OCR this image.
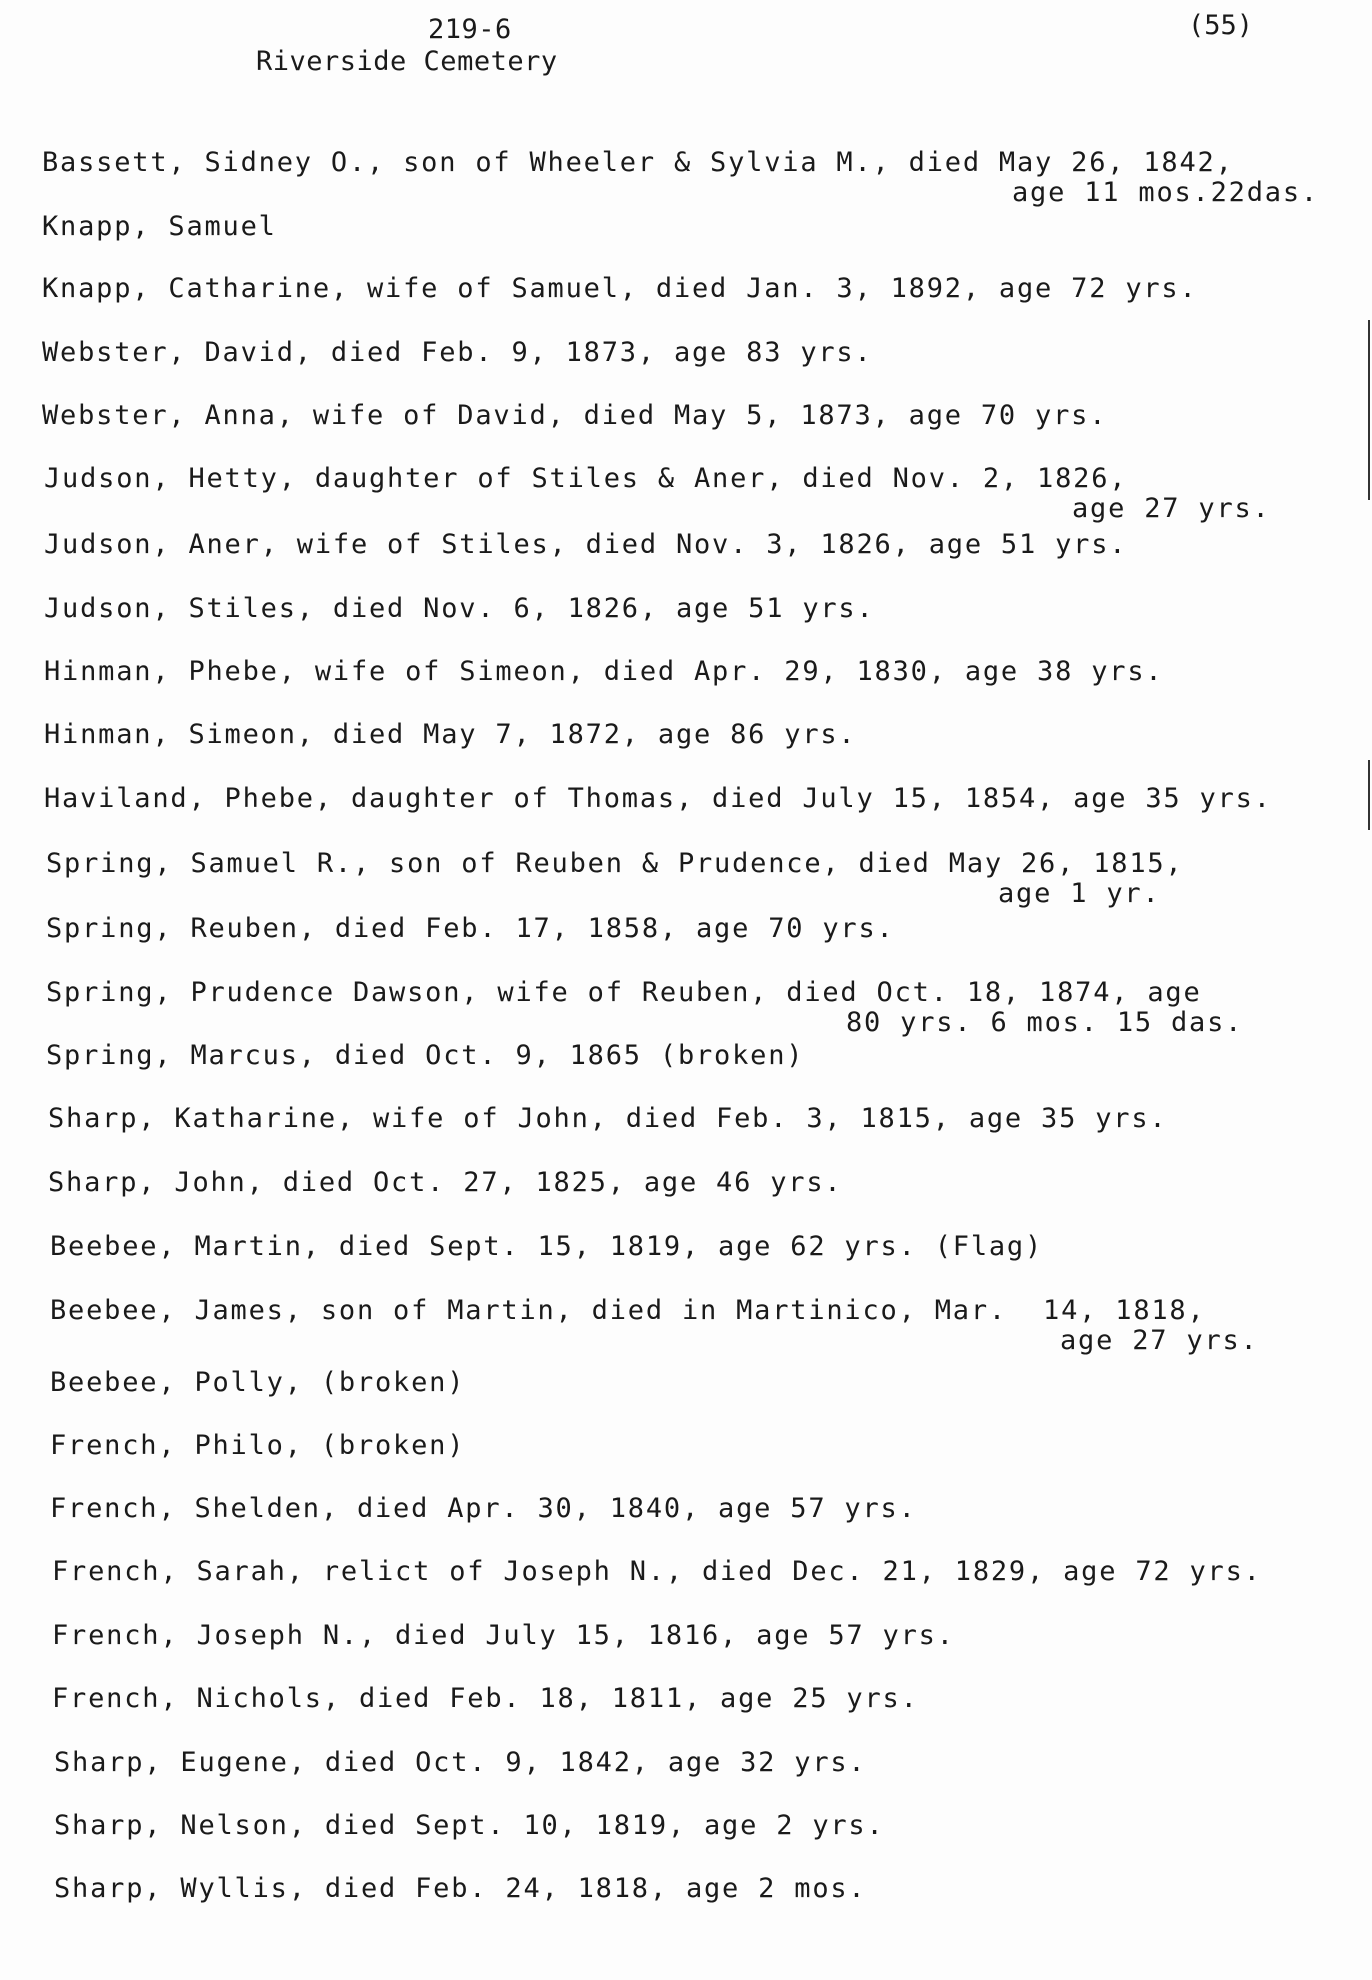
219-6	(55)
Riverside Cemetery
Bassett, Sidney O., son of Wheeler & Sylvia M., died May 26, 1842,
age 11 mos.22das.
Knapp, Samuel
Knapp, Catharine, wife of Samuel, died Jan. 3, 1892, age 72 yrs.
Webster, David, died Feb. 9, 1873, age 83 yrs.
Webster, Anna, wife of David, died May 5, 1873, age 70 yrs.
Judson, Hetty, daughter of Stiles & Aner, died Nov. 2, 1826,
age 27 yrs.
Judson, Aner, wife of Stiles, died Nov. 3, 1826, age 51 yrs.
Judson, Stiles, died Nov. 6, 1826, age 51 yrs.
Hinman, Phebe, wife of Simeon, died Apr. 29, 1830, age 38 yrs.
Hinman, Simeon, died May 7, 1872, age 86 yrs.
Haviland, Phebe, daughter of Thomas, died July 15, 1854, age 35 yrs.
Spring, Samuel R., son of Reuben & Prudence, died May 26, 1815,
age 1 yr.
Spring, Reuben, died Feb. 17, 1858, age 70 yrs.
Spring, Prudence Dawson, wife of Reuben, died Oct. 18, 1874, age
80 yrs. 6 mos. 15 das.
Spring, Marcus, died Oct. 9, 1865 (broken)
Sharp, Katharine, wife of John, died Feb. 3, 1815, age 35 yrs.
Sharp, John, died Oct. 27, 1825, age 46 yrs.
Beebee, Martin, died Sept. 15, 1819, age 62 yrs. (Flag)
Beebee, James, son of Martin, died in Martinico, Mar.  14, 1818,
age 27 yrs.
Beebee, Polly, (broken)
French, Philo, (broken)
French, Shelden, died Apr. 30, 1840, age 57 yrs.
French, Sarah, relict of Joseph N., died Dec. 21, 1829, age 72 yrs.
French, Joseph N., died July 15, 1816, age 57 yrs.
French, Nichols, died Feb. 18, 1811, age 25 yrs.
Sharp, Eugene, died Oct. 9, 1842, age 32 yrs.
Sharp, Nelson, died Sept. 10, 1819, age 2 yrs.
Sharp, Wyllis, died Feb. 24, 1818, age 2 mos.
